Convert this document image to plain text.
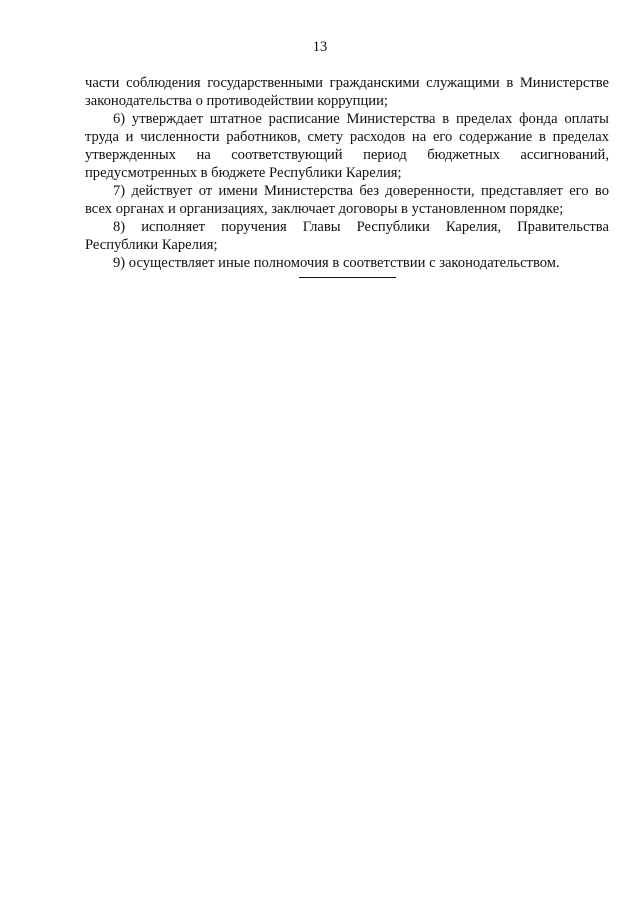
13

части соблюдения государственными гражданскими служащими в Министерстве законодательства о противодействии коррупции;

6) утверждает штатное расписание Министерства в пределах фонда оплаты труда и численности работников, смету расходов на его содержание в пределах утвержденных на соответствующий период бюджетных ассигнований, предусмотренных в бюджете Республики Карелия;

7) действует от имени Министерства без доверенности, представляет его во всех органах и организациях, заключает договоры в установленном порядке;

8) исполняет поручения Главы Республики Карелия, Правительства Республики Карелия;

9) осуществляет иные полномочия в соответствии с законодательством.
